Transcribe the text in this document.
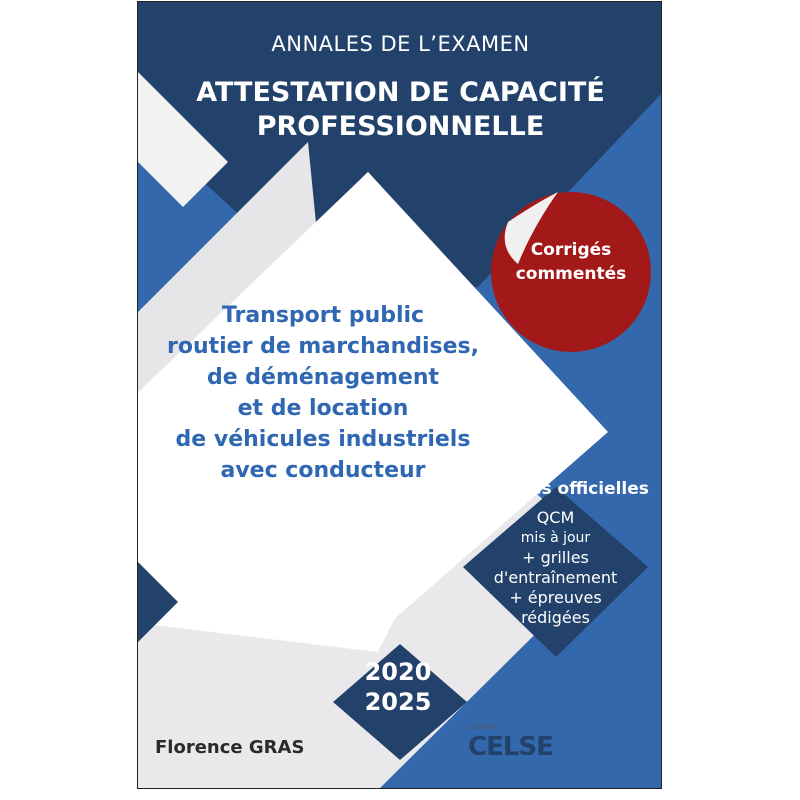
ANNALES DE L’EXAMEN
ATTESTATION DE CAPACITÉ
PROFESSIONNELLE
Transport public
routier de marchandises,
de déménagement
et de location
de véhicules industriels
avec conducteur
Corrigés
commentés
Épreuves officielles
QCM
mis à jour
+ grilles
d'entraînement
+ épreuves
rédigées
2020
2025
Florence GRAS
ÉDITIONS
CELSE
